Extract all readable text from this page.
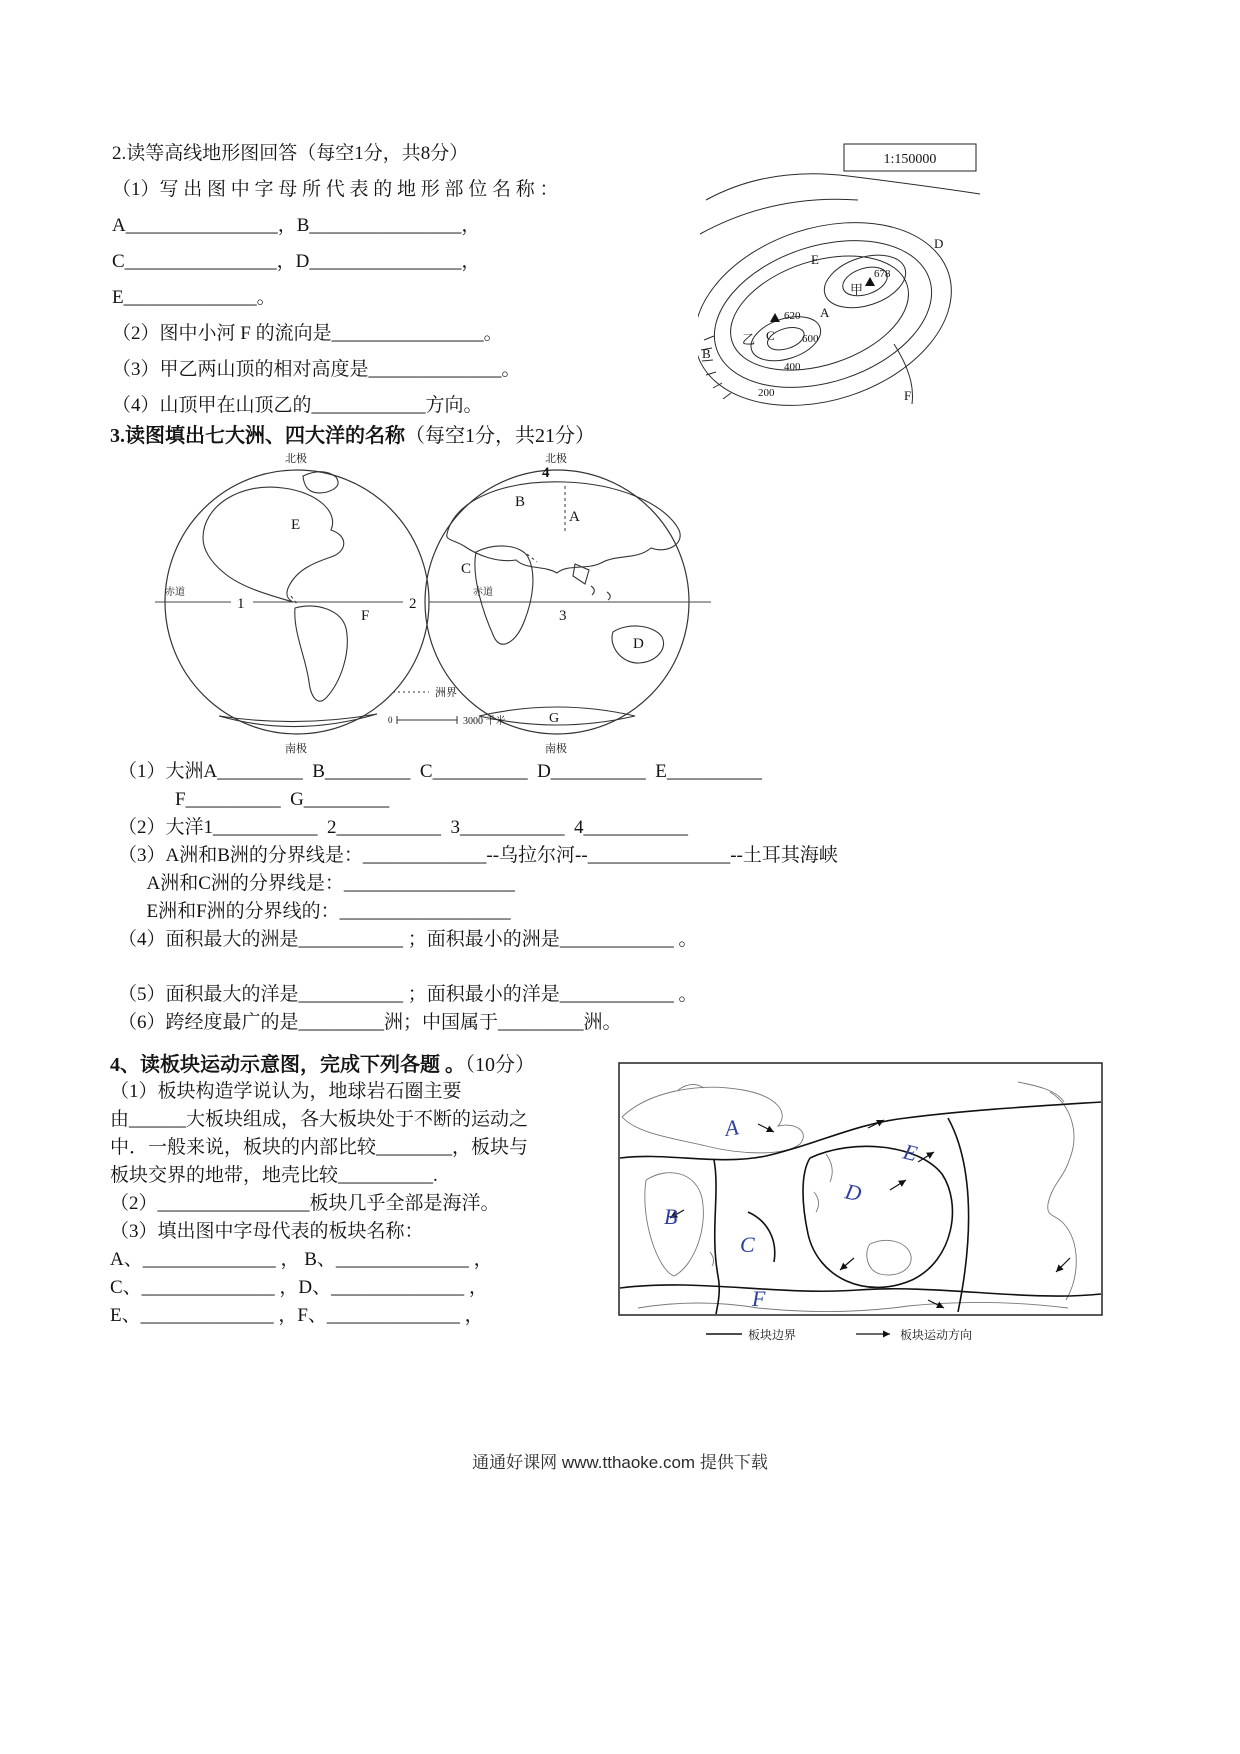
2.读等高线地形图回答（每空1分，共8分）
（1）写 出 图 中 字 母 所 代 表 的 地 形 部 位 名 称 ：
A________________，B________________，
C________________，D________________，
E______________。
（2）图中小河 F 的流向是________________。
（3）甲乙两山顶的相对高度是______________。
（4）山顶甲在山顶乙的____________方向。
1:150000
E
D
甲
678
A
620
C
乙	600
B
400
200	F
3.读图填出七大洲、四大洋的名称（每空1分，共21分）
北极	北极
南极	南极
赤道	赤道
1	2
3
4
E
F
B
A
C
D
G
洲界
0	3000 千米
（1）大洲A_________  B_________  C__________  D__________  E__________
F__________  G_________
（2）大洋1___________  2___________  3___________  4___________
（3）A洲和B洲的分界线是：_____________--乌拉尔河--_______________--土耳其海峡
A洲和C洲的分界线是：__________________
E洲和F洲的分界线的：__________________
（4）面积最大的洲是___________ ；面积最小的洲是____________ 。
（5）面积最大的洋是___________ ；面积最小的洋是____________ 。
（6）跨经度最广的是_________洲；中国属于_________洲。
4、读板块运动示意图，完成下列各题 。（10分）
（1）板块构造学说认为，地球岩石圈主要
由______大板块组成，各大板块处于不断的运动之
中．一般来说，板块的内部比较________，板块与
板块交界的地带，地壳比较__________.
（2）________________板块几乎全部是海洋。
（3）填出图中字母代表的板块名称：
A、______________ ， B、______________ ，
C、______________ ，D、______________ ，
E、______________ ，F、______________ ，
A
B
C
D
E
F
板块边界	板块运动方向
通通好课网 www.tthaoke.com 提供下载
